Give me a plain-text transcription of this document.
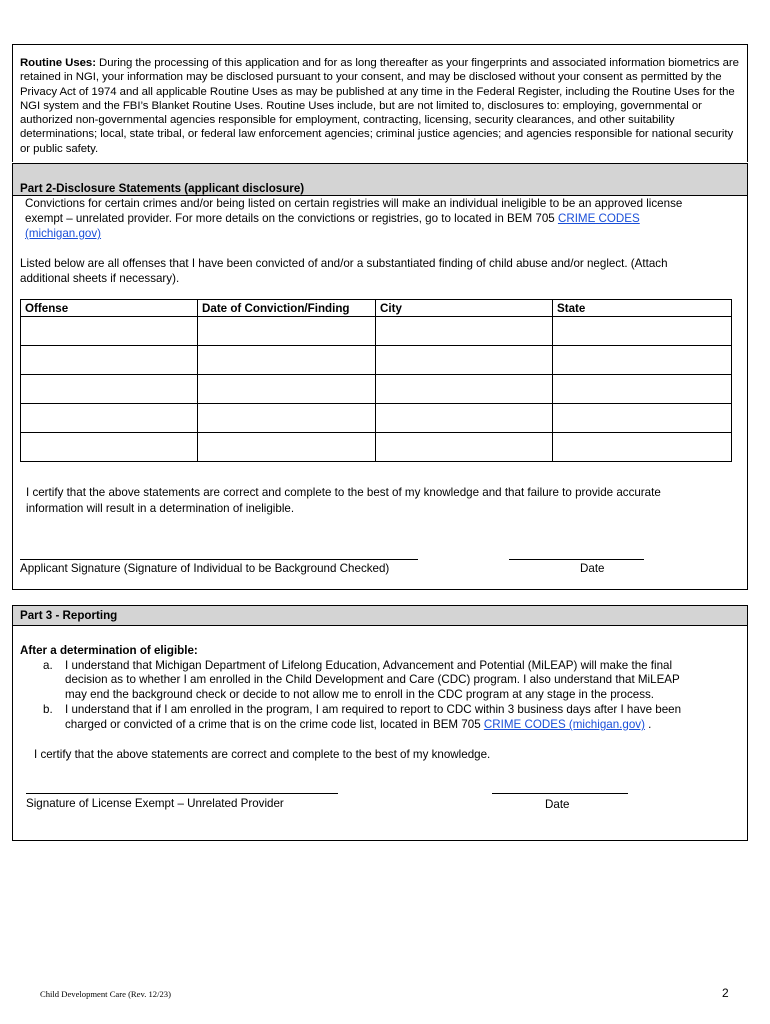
Routine Uses: During the processing of this application and for as long thereafter as your fingerprints and associated information biometrics are retained in NGI, your information may be disclosed pursuant to your consent, and may be disclosed without your consent as permitted by the Privacy Act of 1974 and all applicable Routine Uses as may be published at any time in the Federal Register, including the Routine Uses for the NGI system and the FBI’s Blanket Routine Uses. Routine Uses include, but are not limited to, disclosures to: employing, governmental or authorized non-governmental agencies responsible for employment, contracting, licensing, security clearances, and other suitability determinations; local, state tribal, or federal law enforcement agencies; criminal justice agencies; and agencies responsible for national security or public safety.
Part 2-Disclosure Statements (applicant disclosure)
Convictions for certain crimes and/or being listed on certain registries will make an individual ineligible to be an approved license
exempt – unrelated provider. For more details on the convictions or registries, go to located in BEM 705 CRIME CODES
(michigan.gov)
Listed below are all offenses that I have been convicted of and/or a substantiated finding of child abuse and/or neglect. (Attach
additional sheets if necessary).
Offense	Date of Conviction/Finding	City	State

I certify that the above statements are correct and complete to the best of my knowledge and that failure to provide accurate
information will result in a determination of ineligible.
Applicant Signature (Signature of Individual to be Background Checked)	Date
Part 3 - Reporting
After a determination of eligible:
a. I understand that Michigan Department of Lifelong Education, Advancement and Potential (MiLEAP) will make the final
decision as to whether I am enrolled in the Child Development and Care (CDC) program. I also understand that MiLEAP
may end the background check or decide to not allow me to enroll in the CDC program at any stage in the process.
b. I understand that if I am enrolled in the program, I am required to report to CDC within 3 business days after I have been
charged or convicted of a crime that is on the crime code list, located in BEM 705 CRIME CODES (michigan.gov) .
I certify that the above statements are correct and complete to the best of my knowledge.
Signature of License Exempt – Unrelated Provider	Date
Child Development Care (Rev. 12/23)	2
